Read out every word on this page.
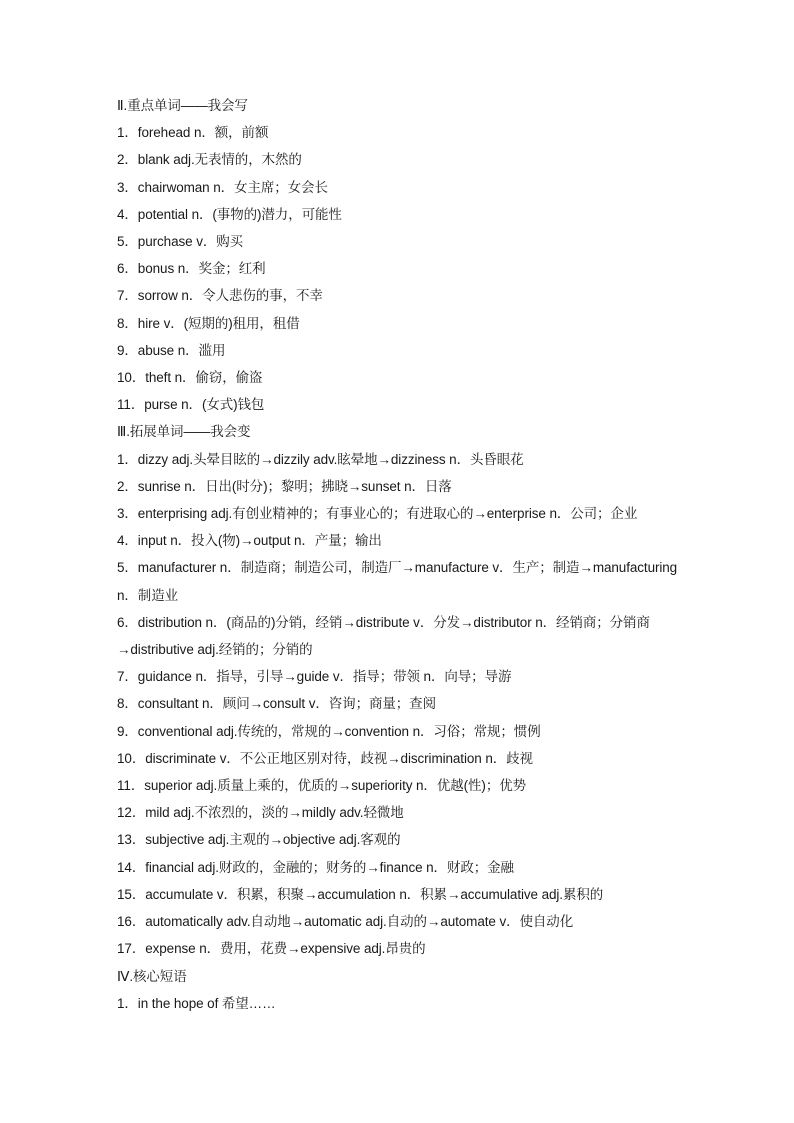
Ⅱ.重点单词——我会写
1．forehead n．额，前额
2．blank adj.无表情的，木然的
3．chairwoman n．女主席；女会长
4．potential n．(事物的)潜力，可能性
5．purchase v．购买
6．bonus n．奖金；红利
7．sorrow n．令人悲伤的事，不幸
8．hire v．(短期的)租用，租借
9．abuse n．滥用
10．theft n．偷窃，偷盗
11．purse n．(女式)钱包
Ⅲ.拓展单词——我会变
1．dizzy adj.头晕目眩的→dizzily adv.眩晕地→dizziness n．头昏眼花
2．sunrise n．日出(时分)；黎明；拂晓→sunset n．日落
3．enterprising adj.有创业精神的；有事业心的；有进取心的→enterprise n．公司；企业
4．input n．投入(物)→output n．产量；输出
5．manufacturer n．制造商；制造公司，制造厂→manufacture v．生产；制造→manufacturing
n．制造业
6．distribution n．(商品的)分销，经销→distribute v．分发→distributor n．经销商；分销商
→distributive adj.经销的；分销的
7．guidance n．指导，引导→guide v．指导；带领 n．向导；导游
8．consultant n．顾问→consult v．咨询；商量；查阅
9．conventional adj.传统的，常规的→convention n．习俗；常规；惯例
10．discriminate v．不公正地区别对待，歧视→discrimination n．歧视
11．superior adj.质量上乘的，优质的→superiority n．优越(性)；优势
12．mild adj.不浓烈的，淡的→mildly adv.轻微地
13．subjective adj.主观的→objective adj.客观的
14．financial adj.财政的，金融的；财务的→finance n．财政；金融
15．accumulate v．积累，积聚→accumulation n．积累→accumulative adj.累积的
16．automatically adv.自动地→automatic adj.自动的→automate v．使自动化
17．expense n．费用，花费→expensive adj.昂贵的
Ⅳ.核心短语
1．in the hope of 希望……
